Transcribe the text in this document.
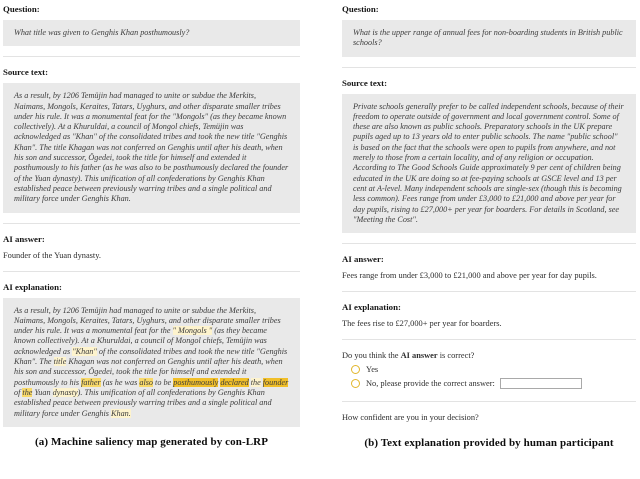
Question:
What title was given to Genghis Khan posthumously?
Source text:
As a result, by 1206 Temüjin had managed to unite or subdue the Merkits, Naimans, Mongols, Keraites, Tatars, Uyghurs, and other disparate smaller tribes under his rule. It was a monumental feat for the "Mongols" (as they became known collectively). At a Khuruldai, a council of Mongol chiefs, Temüjin was acknowledged as "Khan" of the consolidated tribes and took the new title "Genghis Khan". The title Khagan was not conferred on Genghis until after his death, when his son and successor, Ögedei, took the title for himself and extended it posthumously to his father (as he was also to be posthumously declared the founder of the Yuan dynasty). This unification of all confederations by Genghis Khan established peace between previously warring tribes and a single political and military force under Genghis Khan.
AI answer:

Founder of the Yuan dynasty.

AI explanation:
As a result, by 1206 Temüjin had managed to unite or subdue the Merkits, Naimans, Mongols, Keraites, Tatars, Uyghurs, and other disparate smaller tribes under his rule. It was a monumental feat for the " Mongols " (as they became known collectively). At a Khuruldai, a council of Mongol chiefs, Temüjin was acknowledged as "Khan" of the consolidated tribes and took the new title "Genghis Khan". The title Khagan was not conferred on Genghis until after his death, when his son and successor, Ögedei, took the title for himself and extended it posthumously to his father (as he was also to be posthumously declared the founder of the Yuan dynasty). This unification of all confederations by Genghis Khan established peace between previously warring tribes and a single political and military force under Genghis Khan.
(a) Machine saliency map generated by con-LRP
Question:
What is the upper range of annual fees for non-boarding students in British public schools?
Source text:
Private schools generally prefer to be called independent schools, because of their freedom to operate outside of government and local government control. Some of these are also known as public schools. Preparatory schools in the UK prepare pupils aged up to 13 years old to enter public schools. The name "public school" is based on the fact that the schools were open to pupils from anywhere, and not merely to those from a certain locality, and of any religion or occupation. According to The Good Schools Guide approximately 9 per cent of children being educated in the UK are doing so at fee-paying schools at GSCE level and 13 per cent at A-level. Many independent schools are single-sex (though this is becoming less common). Fees range from under £3,000 to £21,000 and above per year for day pupils, rising to £27,000+ per year for boarders. For details in Scotland, see "Meeting the Cost".
AI answer:

Fees range from under £3,000 to £21,000 and above per year for day pupils.

AI explanation:

The fees rise to £27,000+ per year for boarders.

Do you think the AI answer is correct?

Yes
No, please provide the correct answer:

How confident are you in your decision?

(b) Text explanation provided by human participant
